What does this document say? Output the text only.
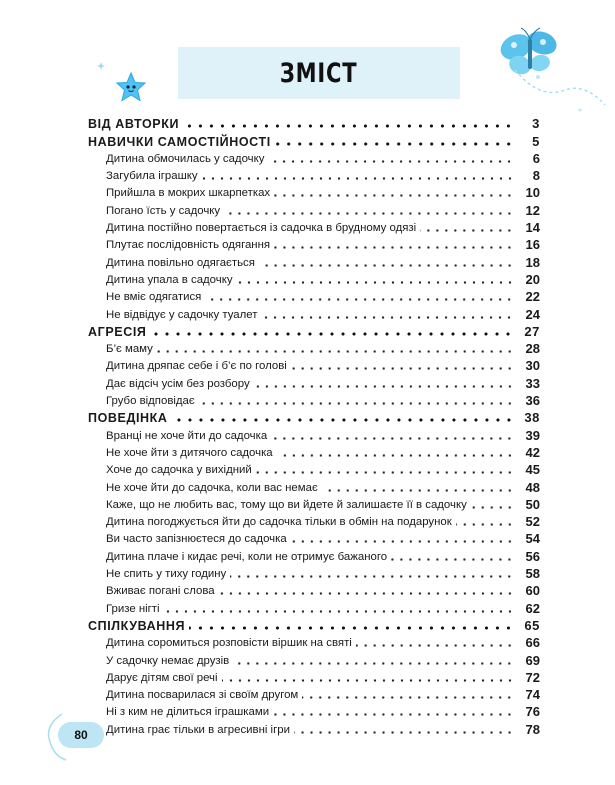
ЗМІСТ
ВІД АВТОРКИ	3
НАВИЧКИ САМОСТІЙНОСТІ	5
Дитина обмочилась у садочку	6
Загубила іграшку	8
Прийшла в мокрих шкарпетках	10
Погано їсть у садочку	12
Дитина постійно повертається із садочка в брудному одязі	14
Плутає послідовність одягання	16
Дитина повільно одягається	18
Дитина упала в садочку	20
Не вміє одягатися	22
Не відвідує у садочку туалет	24
АГРЕСІЯ	27
Б’є маму	28
Дитина дряпає себе і б’є по голові	30
Дає відсіч усім без розбору	33
Грубо відповідає	36
ПОВЕДІНКА	38
Вранці не хоче йти до садочка	39
Не хоче йти з дитячого садочка	42
Хоче до садочка у вихідний	45
Не хоче йти до садочка, коли вас немає	48
Каже, що не любить вас, тому що ви йдете й залишаєте її в садочку	50
Дитина погоджується йти до садочка тільки в обмін на подарунок	52
Ви часто запізнюєтеся до садочка	54
Дитина плаче і кидає речі, коли не отримує бажаного	56
Не спить у тиху годину	58
Вживає погані слова	60
Гризе нігті	62
СПІЛКУВАННЯ	65
Дитина соромиться розповісти віршик на святі	66
У садочку немає друзів	69
Дарує дітям свої речі	72
Дитина посварилася зі своїм другом	74
Ні з ким не ділиться іграшками	76
Дитина грає тільки в агресивні ігри	78
80
